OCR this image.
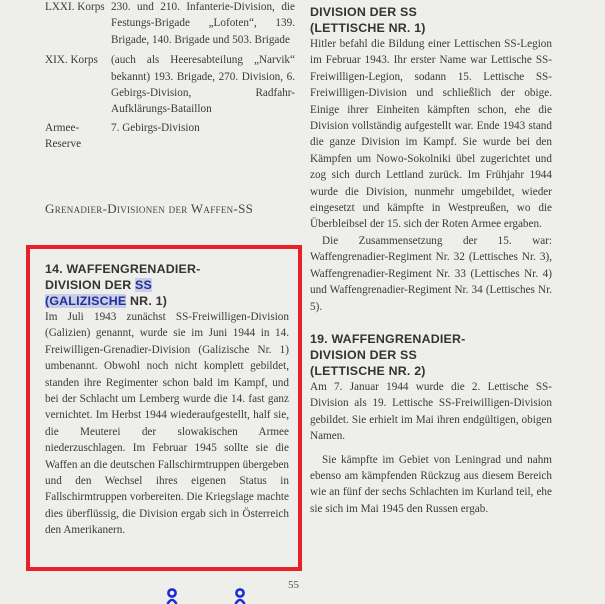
LXXI. Korps 230. und 210. Infanterie-Division, die Festungs-Brigade „Lofoten“, 139. Brigade, 140. Brigade und 503. Brigade
XIX. Korps	(auch als Heeresabteilung „Narvik“ bekannt) 193. Brigade, 270. Division, 6. Gebirgs-Division, Radfahr- Aufklärungs-Bataillon
Armee-Reserve
7. Gebirgs-Division
Grenadier-Divisionen der Waffen-SS
14. WAFFENGRENADIER-
DIVISION DER SS
(GALIZISCHE NR. 1)
Im Juli 1943 zunächst SS-Freiwilligen-Division (Galizien) genannt, wurde sie im Juni 1944 in 14. Freiwilligen-Grenadier-Division (Galizische Nr. 1) umbenannt. Obwohl noch nicht komplett gebildet, standen ihre Regimenter schon bald im Kampf, und bei der Schlacht um Lemberg wurde die 14. fast ganz vernichtet. Im Herbst 1944 wiederaufgestellt, half sie, die Meuterei der slowakischen Armee niederzuschlagen. Im Februar 1945 sollte sie die Waffen an die deutschen Fallschirmtruppen übergeben und den Wechsel ihres eigenen Status in Fallschirmtruppen vorbereiten. Die Kriegslage machte dies überflüssig, die Division ergab sich in Österreich den Amerikanern.
DIVISION DER SS
(LETTISCHE NR. 1)
Hitler befahl die Bildung einer Lettischen SS-Legion im Februar 1943. Ihr erster Name war Lettische SS-Freiwilligen-Legion, sodann 15. Lettische SS-Freiwilligen-Division und schließlich der obige. Einige ihrer Einheiten kämpften schon, ehe die Division vollständig aufgestellt war. Ende 1943 stand die ganze Division im Kampf. Sie wurde bei den Kämpfen um Nowo-Sokolniki übel zugerichtet und zog sich durch Lettland zurück. Im Frühjahr 1944 wurde die Division, nunmehr umgebildet, wieder eingesetzt und kämpfte in Westpreußen, wo die Überbleibsel der 15. sich der Roten Armee ergaben.
Die Zusammensetzung der 15. war: Waffengrenadier-Regiment Nr. 32 (Lettisches Nr. 3), Waffengrenadier-Regiment Nr. 33 (Lettisches Nr. 4) und Waffengrenadier-Regiment Nr. 34 (Lettisches Nr. 5).
19. WAFFENGRENADIER-
DIVISION DER SS
(LETTISCHE NR. 2)
Am 7. Januar 1944 wurde die 2. Lettische SS-Division als 19. Lettische SS-Freiwilligen-Division gebildet. Sie erhielt im Mai ihren endgültigen, obigen Namen.
Sie kämpfte im Gebiet von Leningrad und nahm ebenso am kämpfenden Rückzug aus diesem Bereich wie an fünf der sechs Schlachten im Kurland teil, ehe sie sich im Mai 1945 den Russen ergab.
55
